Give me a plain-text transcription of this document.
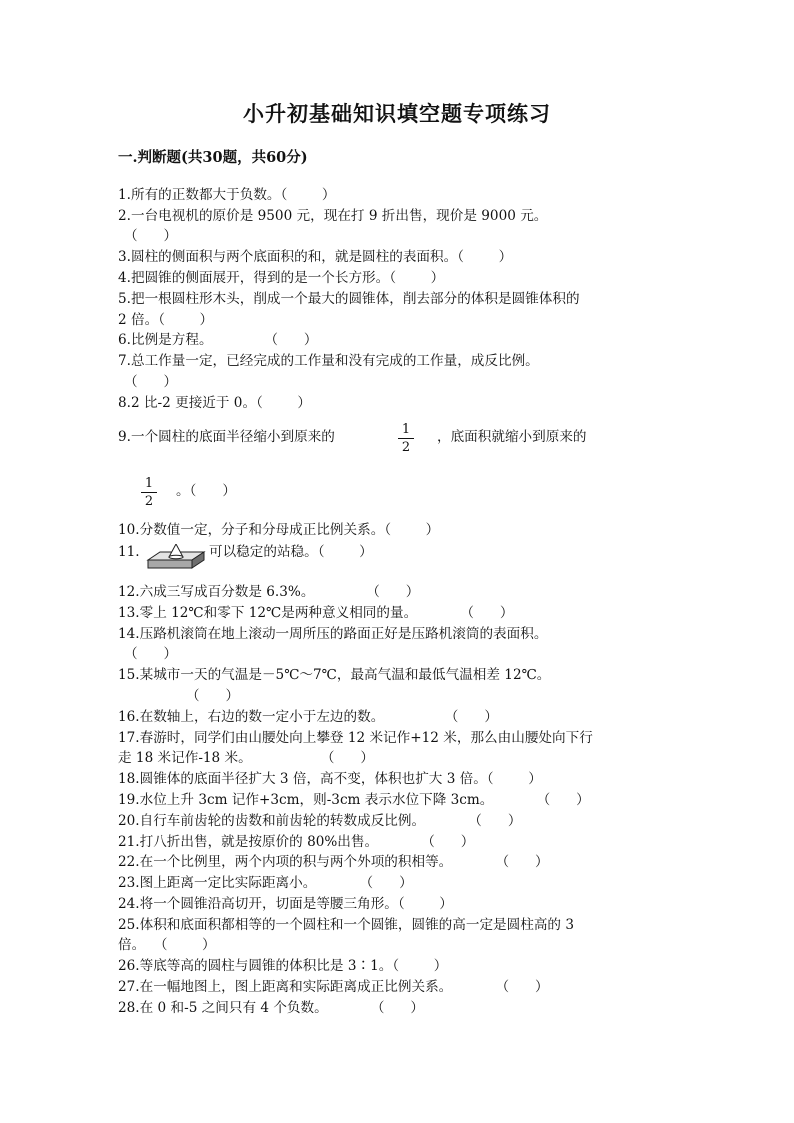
小升初基础知识填空题专项练习
一.判断题(共30题，共60分)
1.所有的正数都大于负数。（        ）
2.一台电视机的原价是 9500 元，现在打 9 折出售，现价是 9000 元。
（      ）
3.圆柱的侧面积与两个底面积的和，就是圆柱的表面积。（        ）
4.把圆锥的侧面展开，得到的是一个长方形。（        ）
5.把一根圆柱形木头，削成一个最大的圆锥体，削去部分的体积是圆锥体积的
2 倍。（        ）
6.比例是方程。            （      ）
7.总工作量一定，已经完成的工作量和没有完成的工作量，成反比例。
（      ）
8.2 比-2 更接近于 0。（        ）
9.一个圆柱的底面半径缩小到原来的	1
2
，底面积就缩小到原来的
1
2
。（      ）
10.分数值一定，分子和分母成正比例关系。（        ）
11.	可以稳定的站稳。（        ）
12.六成三写成百分数是 6.3%。            （      ）
13.零上 12℃和零下 12℃是两种意义相同的量。          （      ）
14.压路机滚筒在地上滚动一周所压的路面正好是压路机滚筒的表面积。
（      ）
15.某城市一天的气温是－5℃～7℃，最高气温和最低气温相差 12℃。
（      ）
16.在数轴上，右边的数一定小于左边的数。              （      ）
17.春游时，同学们由山腰处向上攀登 12 米记作+12 米，那么由山腰处向下行
走 18 米记作-18 米。                （      ）
18.圆锥体的底面半径扩大 3 倍，高不变，体积也扩大 3 倍。（        ）
19.水位上升 3cm 记作+3cm，则-3cm 表示水位下降 3cm。          （      ）
20.自行车前齿轮的齿数和前齿轮的转数成反比例。          （      ）
21.打八折出售，就是按原价的 80%出售。          （      ）
22.在一个比例里，两个内项的积与两个外项的积相等。          （      ）
23.图上距离一定比实际距离小。          （      ）
24.将一个圆锥沿高切开，切面是等腰三角形。（        ）
25.体积和底面积都相等的一个圆柱和一个圆锥，圆锥的高一定是圆柱高的 3
倍。  （        ）
26.等底等高的圆柱与圆锥的体积比是 3∶1。（        ）
27.在一幅地图上，图上距离和实际距离成正比例关系。          （      ）
28.在 0 和-5 之间只有 4 个负数。          （      ）
